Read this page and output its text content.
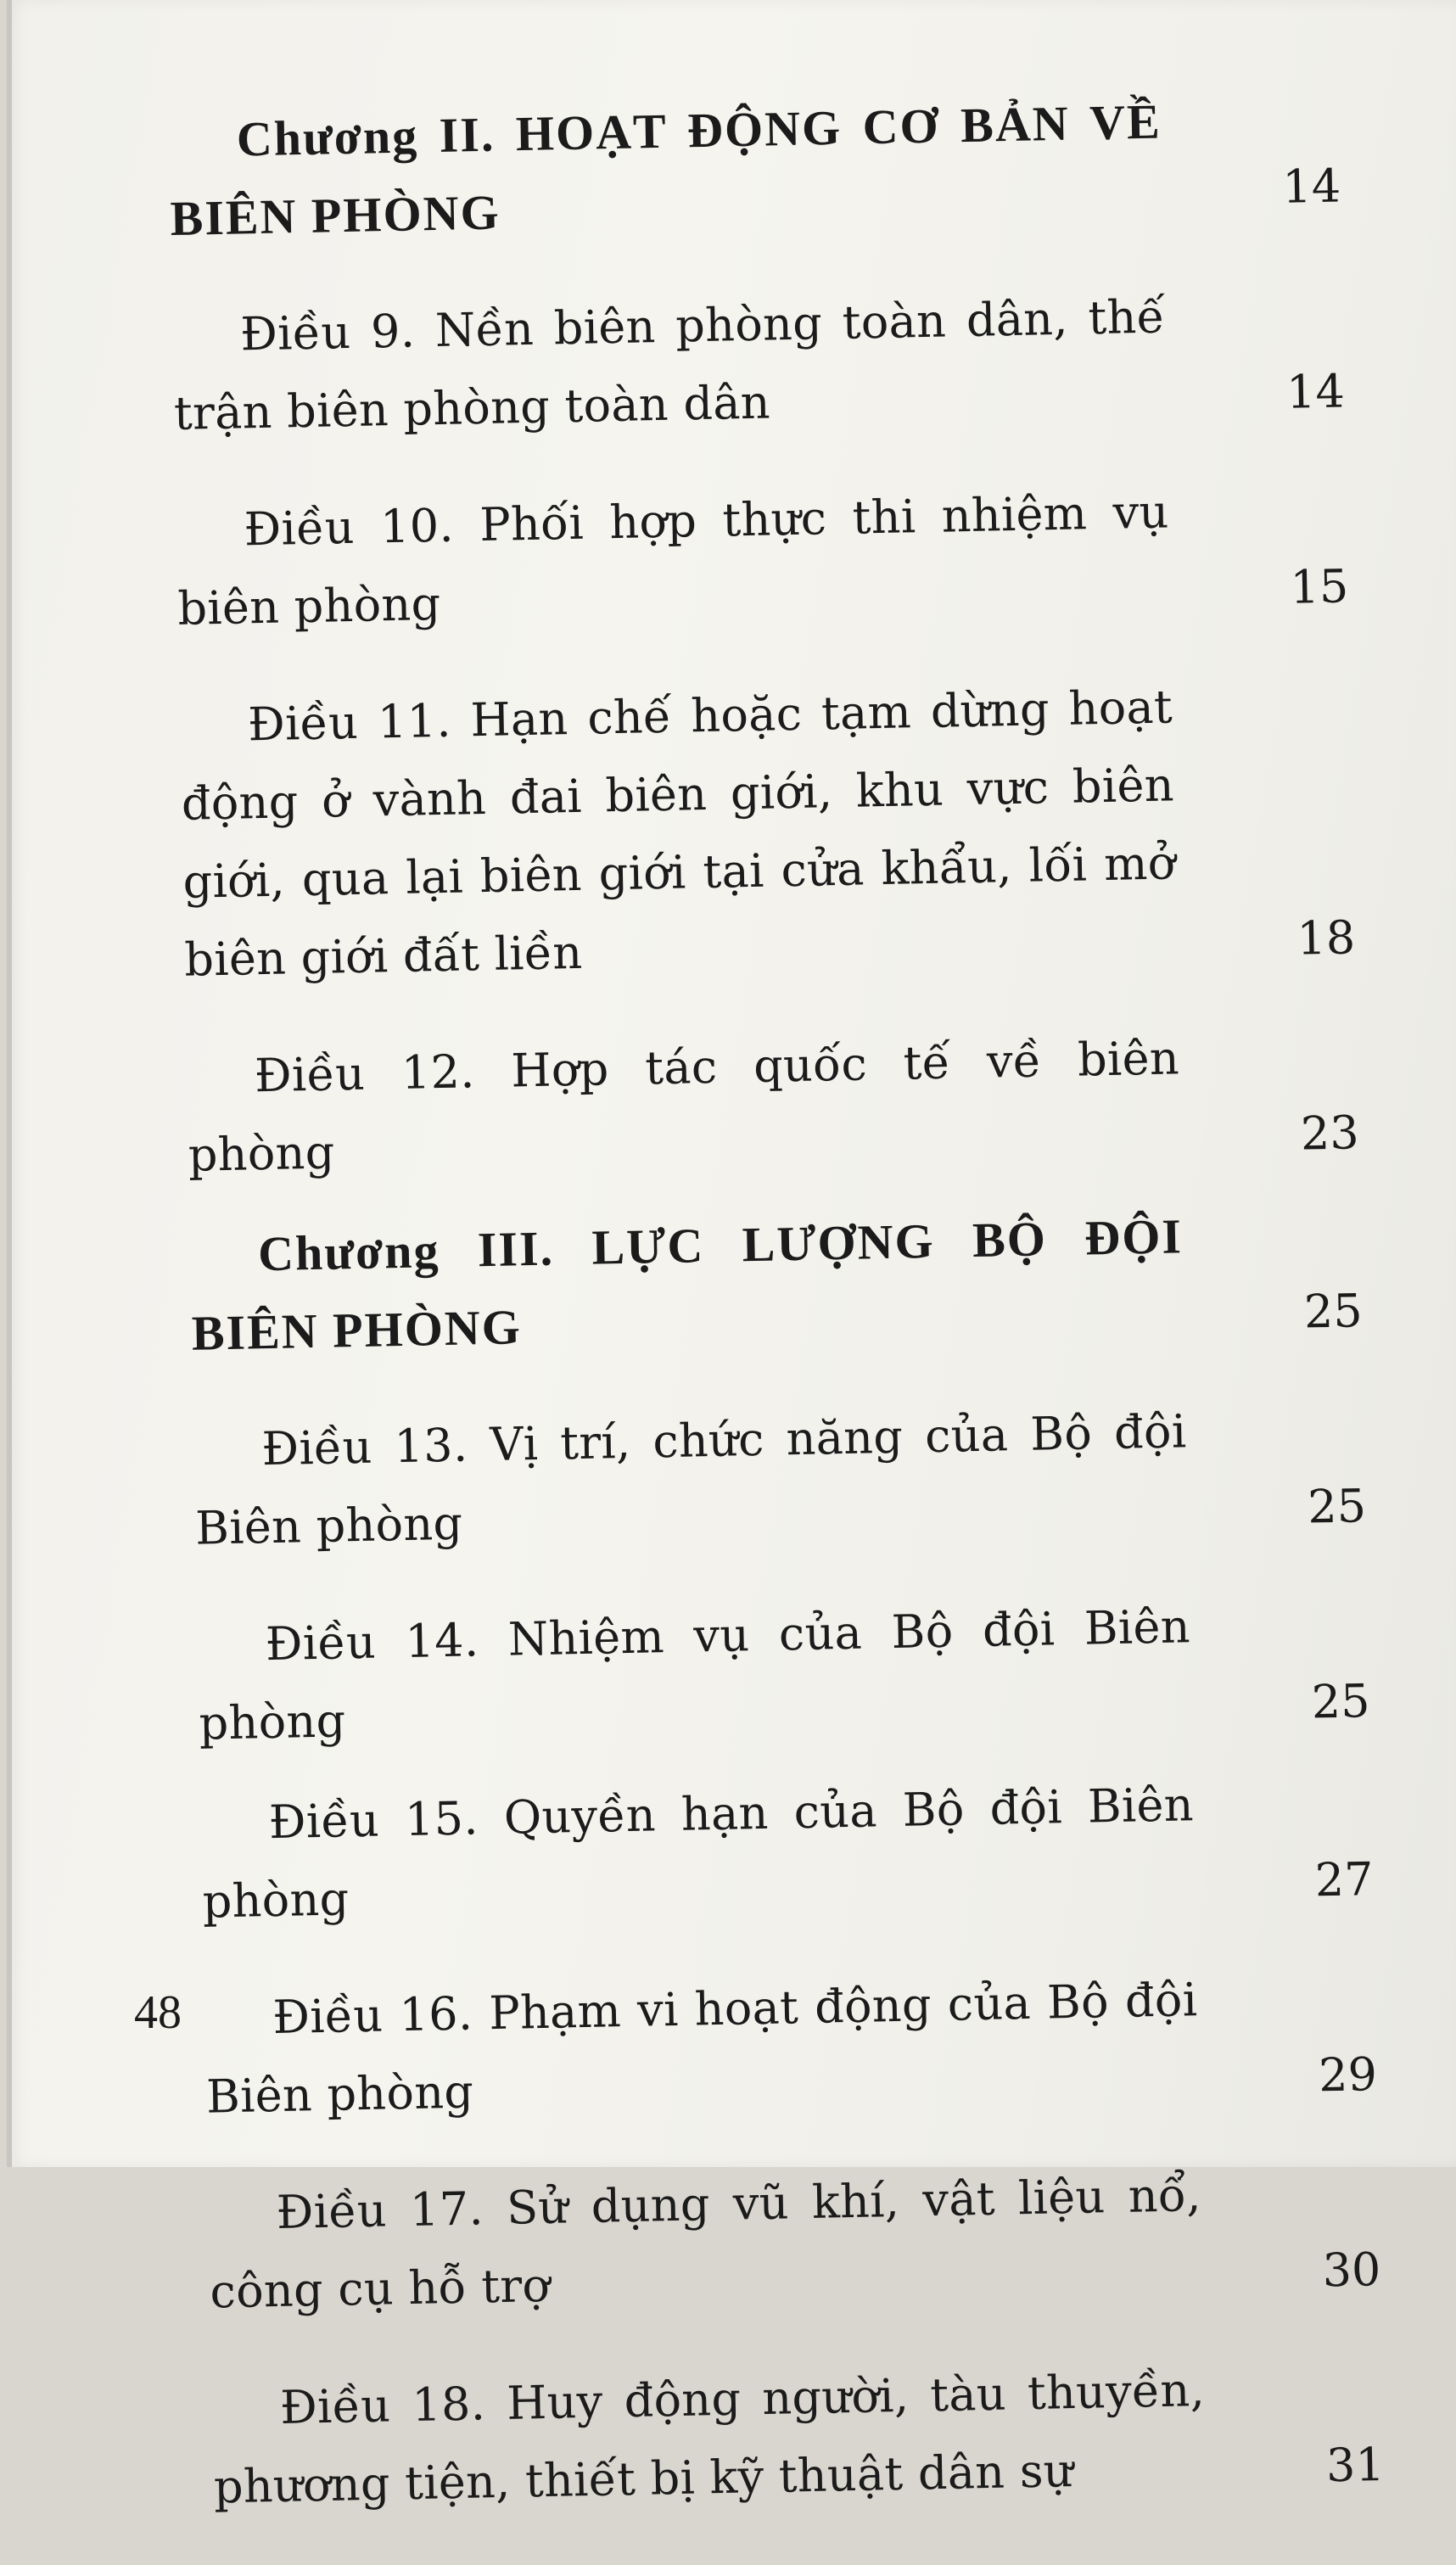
Chương II. HOẠT ĐỘNG CƠ BẢN VỀ BIÊN PHÒNG	14
Điều 9. Nền biên phòng toàn dân, thế trận biên phòng toàn dân	14
Điều 10. Phối hợp thực thi nhiệm vụ biên phòng	15
Điều 11. Hạn chế hoặc tạm dừng hoạt động ở vành đai biên giới, khu vực biên giới, qua lại biên giới tại cửa khẩu, lối mở biên giới đất liền	18
Điều 12. Hợp tác quốc tế về biên phòng	23
Chương III. LỰC LƯỢNG BỘ ĐỘI BIÊN PHÒNG	25
Điều 13. Vị trí, chức năng của Bộ đội Biên phòng	25
Điều 14. Nhiệm vụ của Bộ đội Biên phòng	25
Điều 15. Quyền hạn của Bộ đội Biên phòng	27
Điều 16. Phạm vi hoạt động của Bộ đội Biên phòng	29
Điều 17. Sử dụng vũ khí, vật liệu nổ, công cụ hỗ trợ	30
Điều 18. Huy động người, tàu thuyền, phương tiện, thiết bị kỹ thuật dân sự	31
48
